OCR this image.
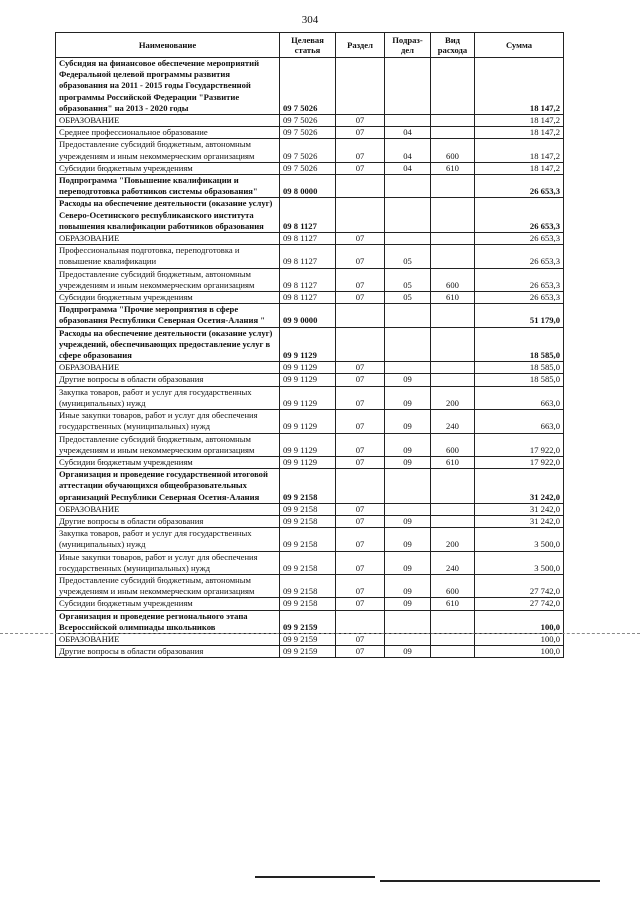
304
Наименование	Целевая статья	Раздел	Подраз-дел	Вид расхода	Сумма
Субсидия на финансовое обеспечение мероприятий Федеральной целевой программы развития образования на 2011 - 2015 годы Государственной программы Российской Федерации "Развитие образования" на 2013 - 2020 годы	09 7 5026				18 147,2
ОБРАЗОВАНИЕ	09 7 5026	07			18 147,2
Среднее профессиональное образование	09 7 5026	07	04		18 147,2
Предоставление субсидий бюджетным, автономным учреждениям и иным некоммерческим организациям	09 7 5026	07	04	600	18 147,2
Субсидии бюджетным учреждениям	09 7 5026	07	04	610	18 147,2
Подпрограмма "Повышение квалификации и переподготовка работников системы образования"	09 8 0000				26 653,3
Расходы на обеспечение деятельности (оказание услуг) Северо-Осетинского республиканского института повышения квалификации работников образования	09 8 1127				26 653,3
ОБРАЗОВАНИЕ	09 8 1127	07			26 653,3
Профессиональная подготовка, переподготовка и повышение квалификации	09 8 1127	07	05		26 653,3
Предоставление субсидий бюджетным, автономным учреждениям и иным некоммерческим организациям	09 8 1127	07	05	600	26 653,3
Субсидии бюджетным учреждениям	09 8 1127	07	05	610	26 653,3
Подпрограмма "Прочие мероприятия в сфере образования Республики Северная Осетия-Алания "	09 9 0000				51 179,0
Расходы на обеспечение деятельности (оказание услуг) учреждений, обеспечивающих предоставление услуг в сфере образования	09 9 1129				18 585,0
ОБРАЗОВАНИЕ	09 9 1129	07			18 585,0
Другие вопросы в области образования	09 9 1129	07	09		18 585,0
Закупка товаров, работ и услуг для государственных (муниципальных) нужд	09 9 1129	07	09	200	663,0
Иные закупки товаров, работ и услуг для обеспечения государственных (муниципальных) нужд	09 9 1129	07	09	240	663,0
Предоставление субсидий бюджетным, автономным учреждениям и иным некоммерческим организациям	09 9 1129	07	09	600	17 922,0
Субсидии бюджетным учреждениям	09 9 1129	07	09	610	17 922,0
Организация и проведение государственной итоговой аттестации обучающихся общеобразовательных организаций Республики Северная Осетия-Алания	09 9 2158				31 242,0
ОБРАЗОВАНИЕ	09 9 2158	07			31 242,0
Другие вопросы в области образования	09 9 2158	07	09		31 242,0
Закупка товаров, работ и услуг для государственных (муниципальных) нужд	09 9 2158	07	09	200	3 500,0
Иные закупки товаров, работ и услуг для обеспечения государственных (муниципальных) нужд	09 9 2158	07	09	240	3 500,0
Предоставление субсидий бюджетным, автономным учреждениям и иным некоммерческим организациям	09 9 2158	07	09	600	27 742,0
Субсидии бюджетным учреждениям	09 9 2158	07	09	610	27 742,0
Организация и проведение регионального этапа Всероссийской олимпиады школьников	09 9 2159				100,0
ОБРАЗОВАНИЕ	09 9 2159	07			100,0
Другие вопросы в области образования	09 9 2159	07	09		100,0
